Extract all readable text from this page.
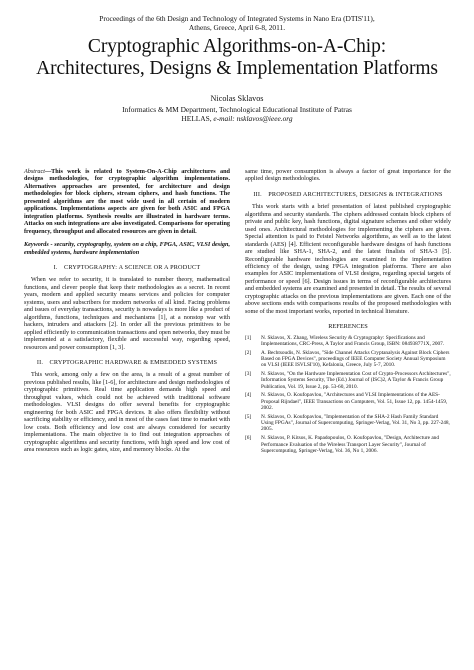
Proceedings of the 6th Design and Technology of Integrated Systems in Nano Era (DTIS'11),
Athens, Greece, April 6-8, 2011.
Cryptographic Algorithms-on-A-Chip:
Architectures, Designs & Implementation Platforms
Nicolas Sklavos
Informatics & MM Department, Technological Educational Institute of Patras
HELLAS, e-mail: nsklavos@ieee.org

Abstract—This work is related to System-On-A-Chip architectures and designs methodologies, for cryptographic algorithm implementations. Alternatives approaches are presented, for architecture and design methodologies for block ciphers, stream ciphers, and hash functions. The presented algorithms are the most wide used in all certain of modern applications. Implementations aspects are given for both ASIC and FPGA integration platforms. Synthesis results are illustrated in hardware terms. Attacks on such integrations are also investigated. Comparisons for operating frequency, throughput and allocated resources are given in detail.

Keywords - security, cryptography, system on a chip, FPGA, ASIC, VLSI design, embedded systems, hardware implementation

I. CRYPTOGRAPHY: A SCIENCE OR A PRODUCT

When we refer to security, it is translated to number theory, mathematical functions, and clever people that keep their methodologies as a secret. In recent years, modern and applied security means services and policies for computer systems, users and subscribers for modern networks of all kind. Facing problems and issues of everyday transactions, security is nowadays is more like a product of algorithms, functions, techniques and mechanisms [1], at a nonstop war with hackers, intruders and attackers [2]. In order all the previous primitives to be applied efficiently to communication transactions and open networks, they must be implemented at a satisfactory, flexible and successful way, regarding speed, resources and power consumption [1, 3].

II. CRYPTOGRAPHIC HARDWARE & EMBEDDED SYSTEMS

This work, among only a few on the area, is a result of a great number of previous published results, like [1-6], for architecture and design methodologies of cryptographic primitives. Real time application demands high speed and throughput values, which could not be achieved with traditional software methodologies. VLSI designs do offer several benefits for cryptographic engineering for both ASIC and FPGA devices. It also offers flexibility without sacrificing stability or efficiency, and in most of the cases fast time to market with low costs. Both efficiency and low cost are always considered for security implementations. The main objective is to find out integration approaches of cryptographic algorithms and security functions, with high speed and low cost of area resources such as logic gates, size, and memory blocks. At the

same time, power consumption is always a factor of great importance for the applied design methodologies.

III. PROPOSED ARCHITECTURES, DESIGNS & INTEGRATIONS

This work starts with a brief presentation of latest published cryptographic algorithms and security standards. The ciphers addressed contain block ciphers of private and public key, hash functions, digital signature schemes and other widely used ones. Architectural methodologies for implementing the ciphers are given. Special attention is paid to Feistel Networks algorithms, as well as to the latest standards (AES) [4]. Efficient reconfigurable hardware designs of hash functions are studied like SHA-1, SHA-2, and the latest finalists of SHA-3 [5]. Reconfigurable hardware technologies are examined in the implementation efficiency of the design, using FPGA integration platforms. There are also examples for ASIC implementations of VLSI designs, regarding special targets of performance or speed [6]. Design issues in terms of reconfigurable architectures and embedded systems are examined and presented in detail. The results of several cryptographic attacks on the previous implementations are given. Each one of the above sections ends with comparisons results of the proposed methodologies with some of the most important works, reported in technical literature.

REFERENCES
[1]	N. Sklavos, X. Zhang, Wireless Security & Cryptography: Specifications and Implementations, CRC-Press, A Taylor and Francis Group, ISBN: 084938771X, 2007.
[2]	A. Bechtsoudis, N. Sklavos, "Side Channel Attacks Cryptanalysis Against Block Ciphers Based on FPGA Devices", proceedings of IEEE Computer Society Annual Symposium on VLSI (IEEE ISVLSI'10), Kefalonia, Greece, July 5-7, 2010.
[3]	N. Sklavos, "On the Hardware Implementation Cost of Crypto-Processors Architectures", Information Systems Security, The (Ed.) Journal of (ISC)2, A Taylor & Francis Group Publication, Vol. 19, Issue 2, pp. 53-60, 2010.
[4]	N. Sklavos, O. Koufopavlou, "Architectures and VLSI Implementations of the AES-Proposal Rijndael", IEEE Transactions on Computers, Vol. 51, Issue 12, pp. 1454-1459, 2002.
[5]	N. Sklavos, O. Koufopavlou, "Implementation of the SHA-2 Hash Family Standard Using FPGAs", Journal of Supercomputing, Springer-Verlag, Vol. 31, No 3, pp. 227-248, 2005.
[6]	N. Sklavos, P. Kitsos, K. Papadopoulos, O. Koufopavlou, "Design, Architecture and Performance Evaluation of the Wireless Transport Layer Security", Journal of Supercomputing, Springer-Verlag, Vol. 36, No 1, 2006.
